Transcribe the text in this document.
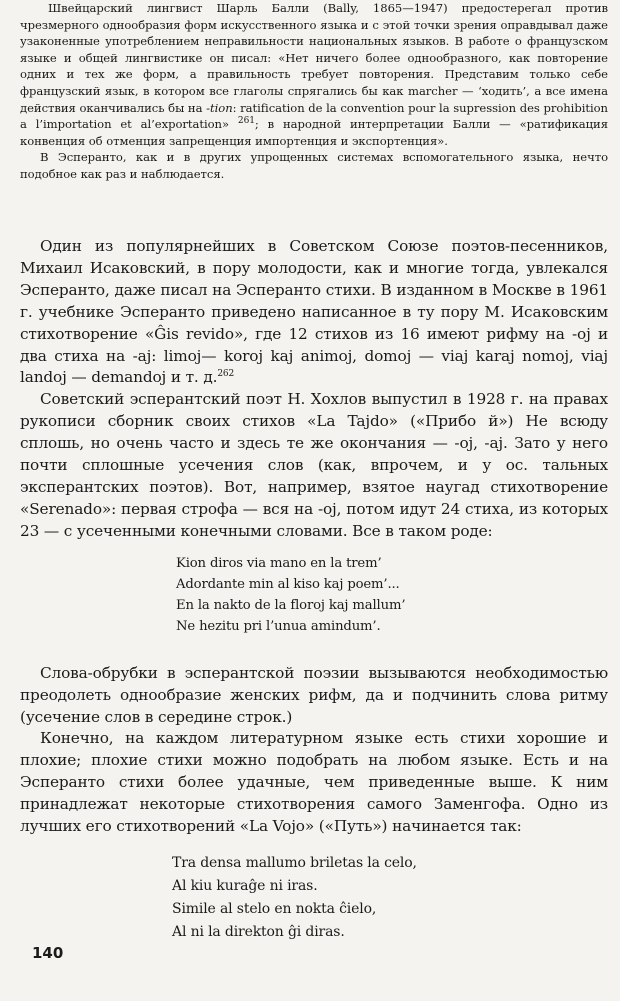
Швейцарский лингвист Шарль Балли (Bally, 1865—1947) предостерегал против чрезмерного однообразия форм искусственного языка и с этой точки зрения оправдывал даже узаконенные употреблением неправильности национальных языков. В работе о французском языке и общей лингвистике он писал: «Нет ничего более однообразного, как повторение одних и тех же форм, а правильность требует повторения. Представим только себе французский язык, в котором все глаголы спрягались бы как marcher — ‘ходить’, а все имена действия оканчивались бы на -tion: ratification de la convention pour la supression des prohibition a l’importation et al’exportation» $^{261}$; в народной интерпретации Балли — «ратификация конвенция об отменция запрещенция импортенция и экспортенция».

В Эсперанто, как и в других упрощенных системах вспомогательного языка, нечто подобное как раз и наблюдается.

Один из популярнейших в Советском Союзе поэтов-песенников, Михаил Исаковский, в пору молодости, как и многие тогда, увлекался Эсперанто, даже писал на Эсперанто стихи. В изданном в Москве в 1961 г. учебнике Эсперанто приведено написанное в ту пору М. Исаковским стихотворение «Ĝis revido», где 12 стихов из 16 имеют рифму на -oj и два стиха на -aj: limoj— koroj kaj animoj, domoj — viaj karaj nomoj, viaj landoj — demandoj и т. д.$^{262}$

Советский эсперантский поэт Н. Хохлов выпустил в 1928 г. на правах рукописи сборник своих стихов «La Tajdo» («Прибо й») Не всюду сплошь, но очень часто и здесь те же окончания — -oj, -aj. Зато у него почти сплошные усечения слов (как, впрочем, и у ос. тальных эксперантских поэтов). Вот, например, взятое наугад стихотворение «Serenado»: первая строфа — вся на -oj, потом идут 24 стиха, из которых 23 — с усеченными конечными словами. Все в таком роде:

Kion diros via mano en la trem’
Adordante min al kiso kaj poem’...
En la nakto de la floroj kaj mallum’
Ne hezitu pri l’unua amindum’.

Слова-обрубки в эсперантской поэзии вызываются необходимостью преодолеть однообразие женских рифм, да и подчинить слова ритму (усечение слов в середине строк.)

Конечно, на каждом литературном языке есть стихи хорошие и плохие; плохие стихи можно подобрать на любом языке. Есть и на Эсперанто стихи более удачные, чем приведенные выше. К ним принадлежат некоторые стихотворения самого Заменгофа. Одно из лучших его стихотворений «La Vojo» («Путь») начинается так:

Tra densa mallumo briletas la celo,
Al kiu kuraĝe ni iras.
Simile al stelo en nokta ĉielo,
Al ni la direkton ĝi diras.
140
